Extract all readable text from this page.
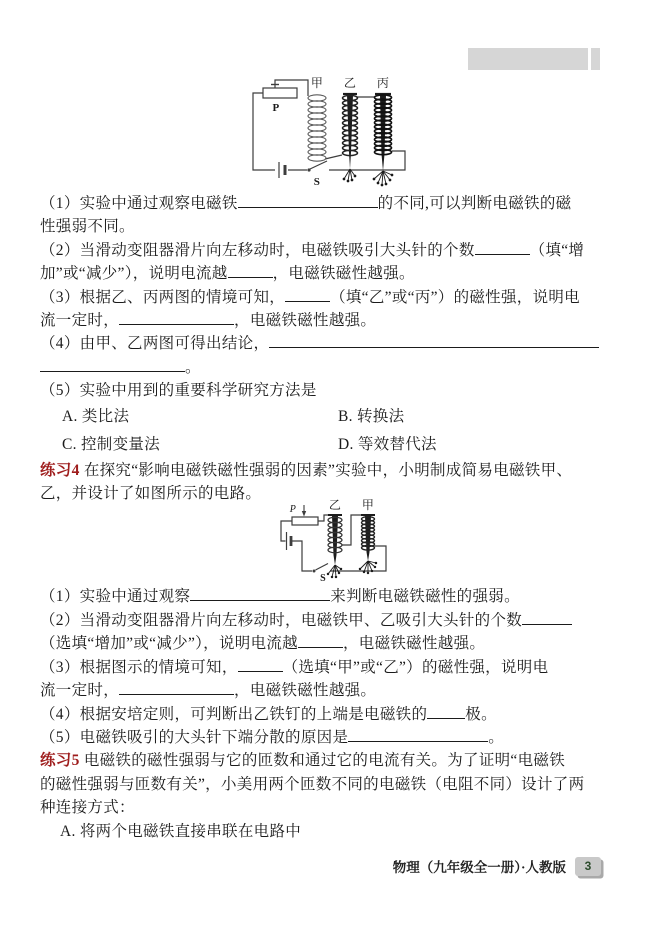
P
S
甲 乙 丙

（1）实验中通过观察电磁铁	的不同,可以判断电磁铁的磁
性强弱不同。

（2）当滑动变阻器滑片向左移动时，电磁铁吸引大头针的个数	（填“增
加”或“减少”），说明电流越	，电磁铁磁性越强。

（3）根据乙、丙两图的情境可知，	（填“乙”或“丙”）的磁性强，说明电
流一定时，	，电磁铁磁性越强。

（4）由甲、乙两图可得出结论，
。

（5）实验中用到的重要科学研究方法是

A. 类比法	B. 转换法
C. 控制变量法	D. 等效替代法

练习4 在探究“影响电磁铁磁性强弱的因素”实验中，小明制成简易电磁铁甲、
乙，并设计了如图所示的电路。

P
S
乙 甲

（1）实验中通过观察	来判断电磁铁磁性的强弱。

（2）当滑动变阻器滑片向左移动时，电磁铁甲、乙吸引大头针的个数
（选填“增加”或“减少”），说明电流越	，电磁铁磁性越强。

（3）根据图示的情境可知，	（选填“甲”或“乙”）的磁性强，说明电
流一定时，	，电磁铁磁性越强。

（4）根据安培定则，可判断出乙铁钉的上端是电磁铁的 极。

（5）电磁铁吸引的大头针下端分散的原因是	。

练习5 电磁铁的磁性强弱与它的匝数和通过它的电流有关。为了证明“电磁铁
的磁性强弱与匝数有关”，小美用两个匝数不同的电磁铁（电阻不同）设计了两
种连接方式：

A. 将两个电磁铁直接串联在电路中

物理（九年级全一册）·人教版	3
